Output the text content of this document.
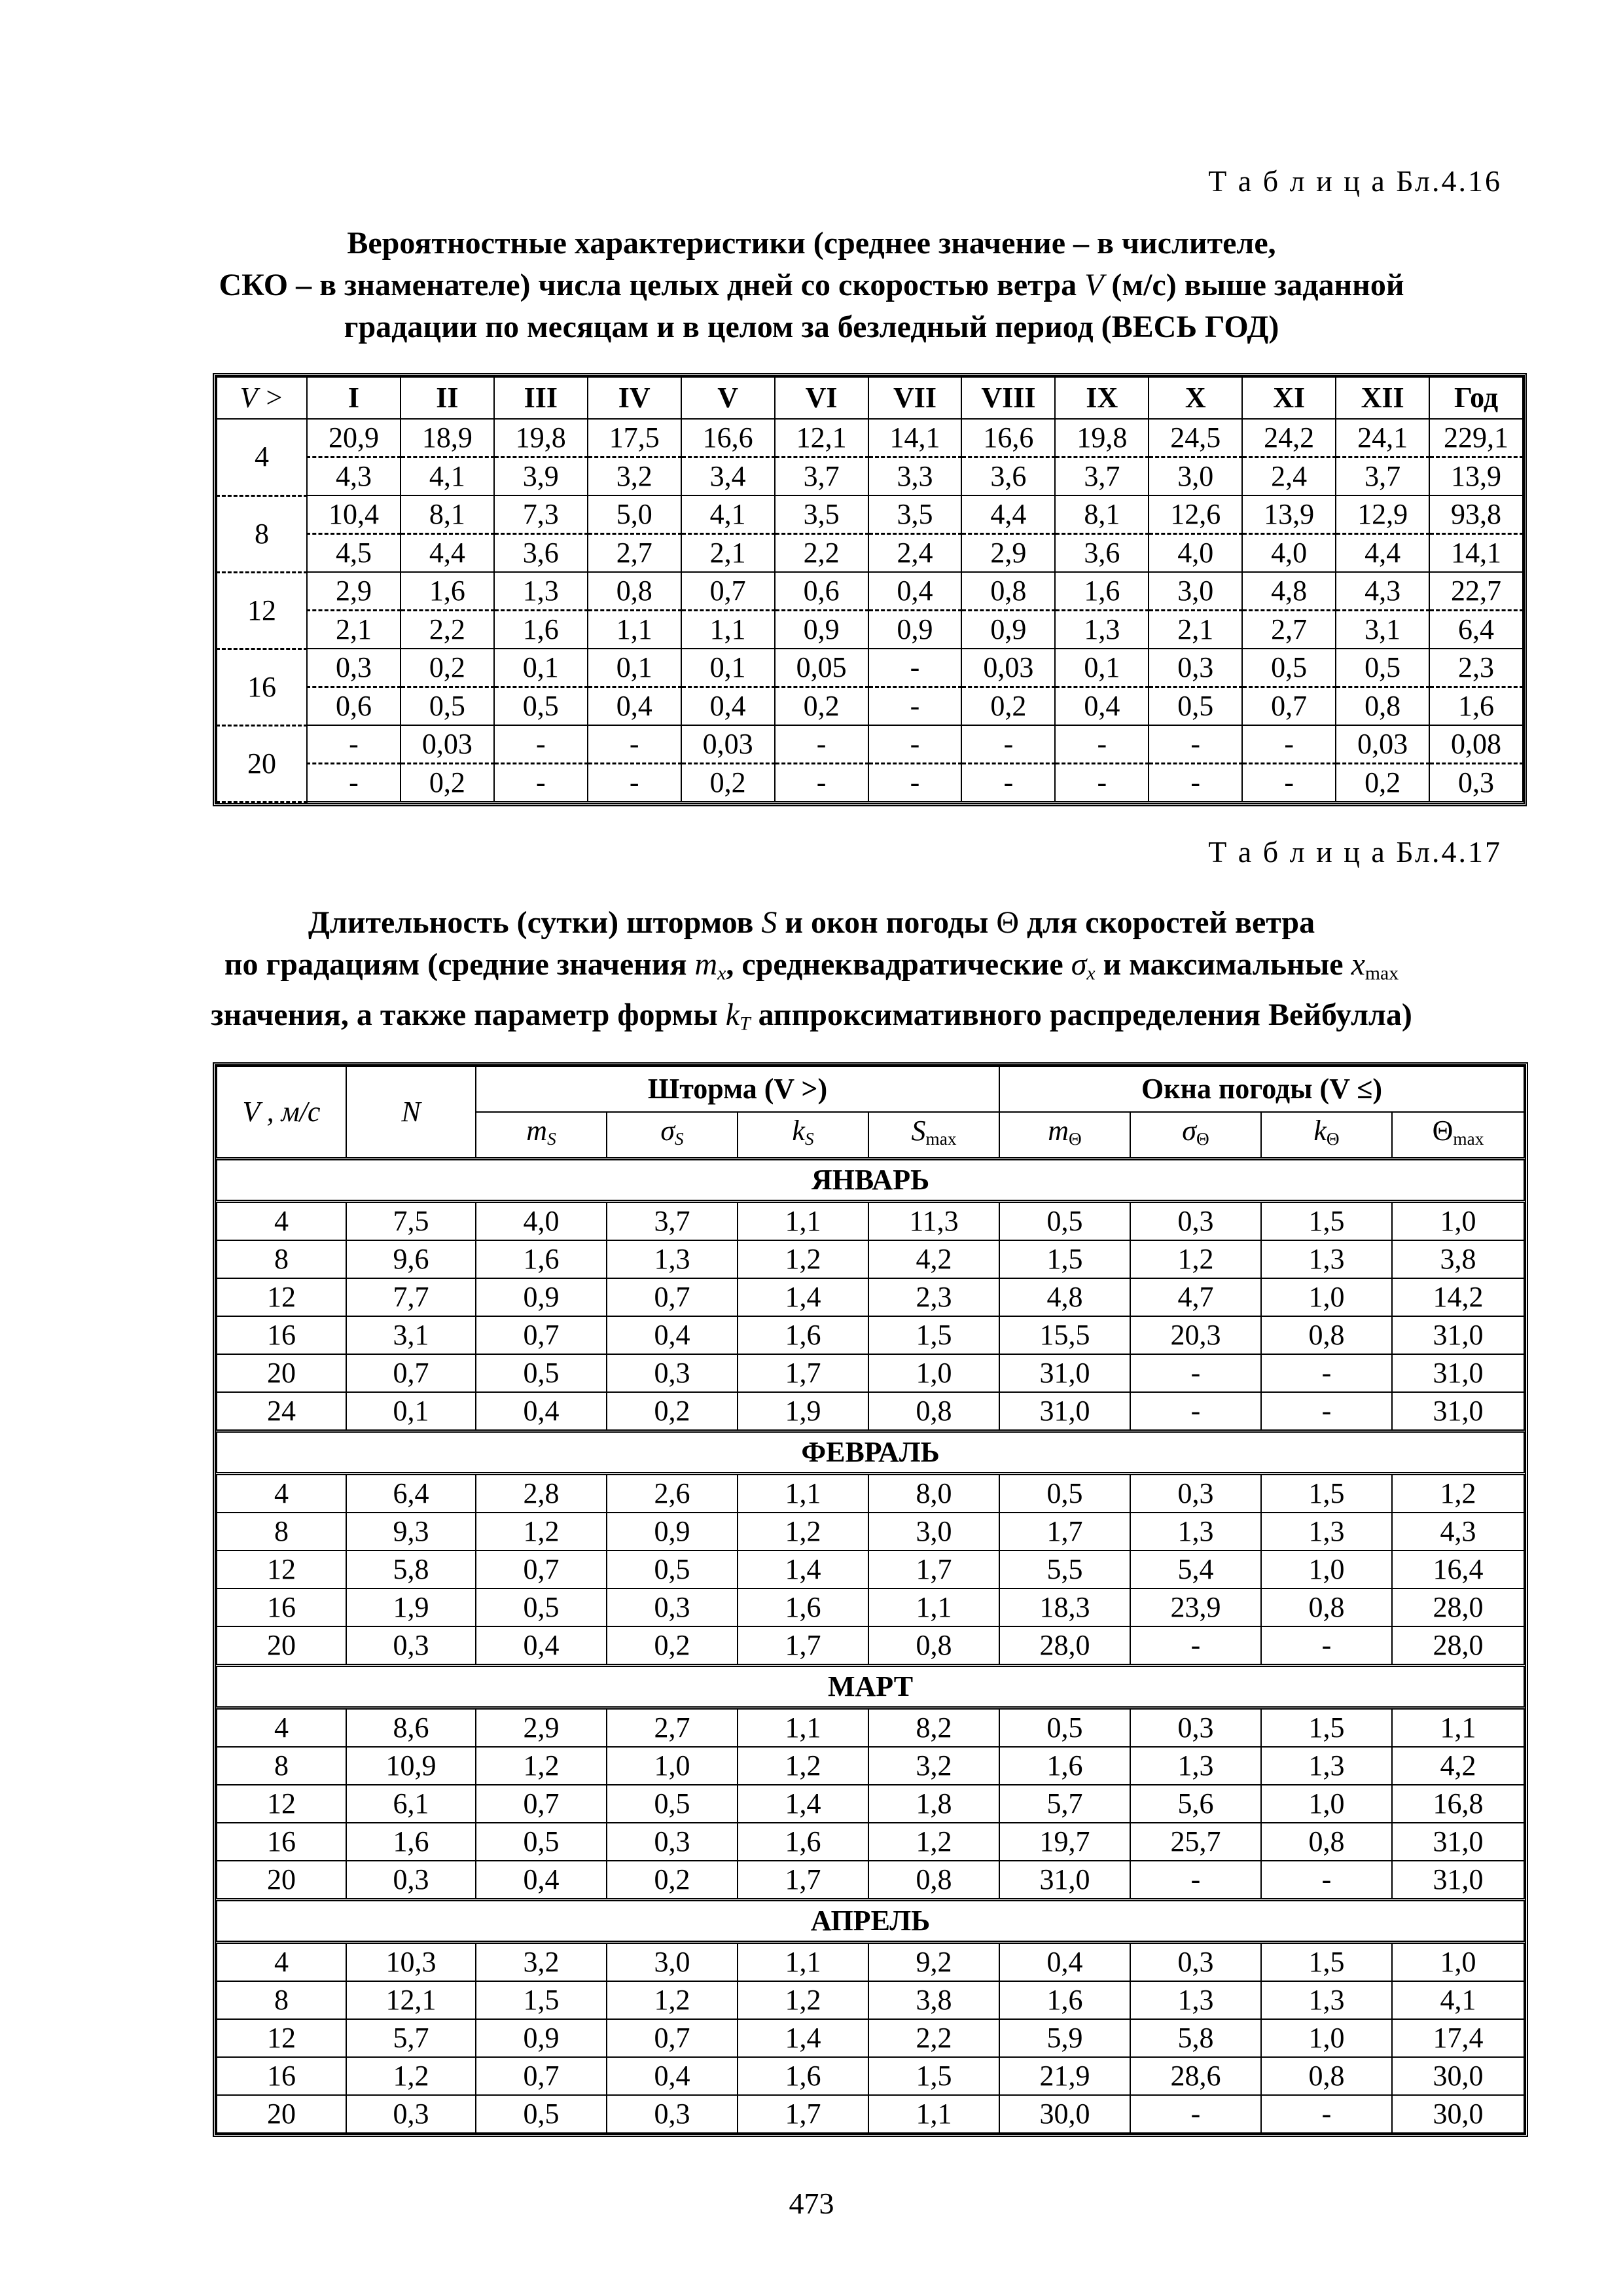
Т а б л и ц а Бл.4.16
Вероятностные характеристики (среднее значение – в числителе,
СКО – в знаменателе) числа целых дней со скоростью ветра V (м/с) выше заданной
градации по месяцам и в целом за безледный период (ВЕСЬ ГОД)
V >	I	II	III	IV	V	VI	VII	VIII	IX	X	XI	XII	Год
4	20,9	18,9	19,8	17,5	16,6	12,1	14,1	16,6	19,8	24,5	24,2	24,1	229,1
	4,3	4,1	3,9	3,2	3,4	3,7	3,3	3,6	3,7	3,0	2,4	3,7	13,9
8	10,4	8,1	7,3	5,0	4,1	3,5	3,5	4,4	8,1	12,6	13,9	12,9	93,8
	4,5	4,4	3,6	2,7	2,1	2,2	2,4	2,9	3,6	4,0	4,0	4,4	14,1
12	2,9	1,6	1,3	0,8	0,7	0,6	0,4	0,8	1,6	3,0	4,8	4,3	22,7
	2,1	2,2	1,6	1,1	1,1	0,9	0,9	0,9	1,3	2,1	2,7	3,1	6,4
16	0,3	0,2	0,1	0,1	0,1	0,05	-	0,03	0,1	0,3	0,5	0,5	2,3
	0,6	0,5	0,5	0,4	0,4	0,2	-	0,2	0,4	0,5	0,7	0,8	1,6
20	-	0,03	-	-	0,03	-	-	-	-	-	-	0,03	0,08
	-	0,2	-	-	0,2	-	-	-	-	-	-	0,2	0,3
Т а б л и ц а Бл.4.17
Длительность (сутки) штормов S и окон погоды Θ для скоростей ветра
по градациям (средние значения $m_x$, среднеквадратические $\sigma_x$ и максимальные xmax
значения, а также параметр формы $k_T$ аппроксимативного распределения Вейбулла)
V , м/с	N	Шторма (V >)				Окна погоды (V ≤)			
		mS	σS	kS	Smax	mΘ	σΘ	kΘ	Θmax
ЯНВАРЬ									
4	7,5	4,0	3,7	1,1	11,3	0,5	0,3	1,5	1,0
8	9,6	1,6	1,3	1,2	4,2	1,5	1,2	1,3	3,8
12	7,7	0,9	0,7	1,4	2,3	4,8	4,7	1,0	14,2
16	3,1	0,7	0,4	1,6	1,5	15,5	20,3	0,8	31,0
20	0,7	0,5	0,3	1,7	1,0	31,0	-	-	31,0
24	0,1	0,4	0,2	1,9	0,8	31,0	-	-	31,0
ФЕВРАЛЬ									
4	6,4	2,8	2,6	1,1	8,0	0,5	0,3	1,5	1,2
8	9,3	1,2	0,9	1,2	3,0	1,7	1,3	1,3	4,3
12	5,8	0,7	0,5	1,4	1,7	5,5	5,4	1,0	16,4
16	1,9	0,5	0,3	1,6	1,1	18,3	23,9	0,8	28,0
20	0,3	0,4	0,2	1,7	0,8	28,0	-	-	28,0
МАРТ									
4	8,6	2,9	2,7	1,1	8,2	0,5	0,3	1,5	1,1
8	10,9	1,2	1,0	1,2	3,2	1,6	1,3	1,3	4,2
12	6,1	0,7	0,5	1,4	1,8	5,7	5,6	1,0	16,8
16	1,6	0,5	0,3	1,6	1,2	19,7	25,7	0,8	31,0
20	0,3	0,4	0,2	1,7	0,8	31,0	-	-	31,0
АПРЕЛЬ									
4	10,3	3,2	3,0	1,1	9,2	0,4	0,3	1,5	1,0
8	12,1	1,5	1,2	1,2	3,8	1,6	1,3	1,3	4,1
12	5,7	0,9	0,7	1,4	2,2	5,9	5,8	1,0	17,4
16	1,2	0,7	0,4	1,6	1,5	21,9	28,6	0,8	30,0
20	0,3	0,5	0,3	1,7	1,1	30,0	-	-	30,0
473
